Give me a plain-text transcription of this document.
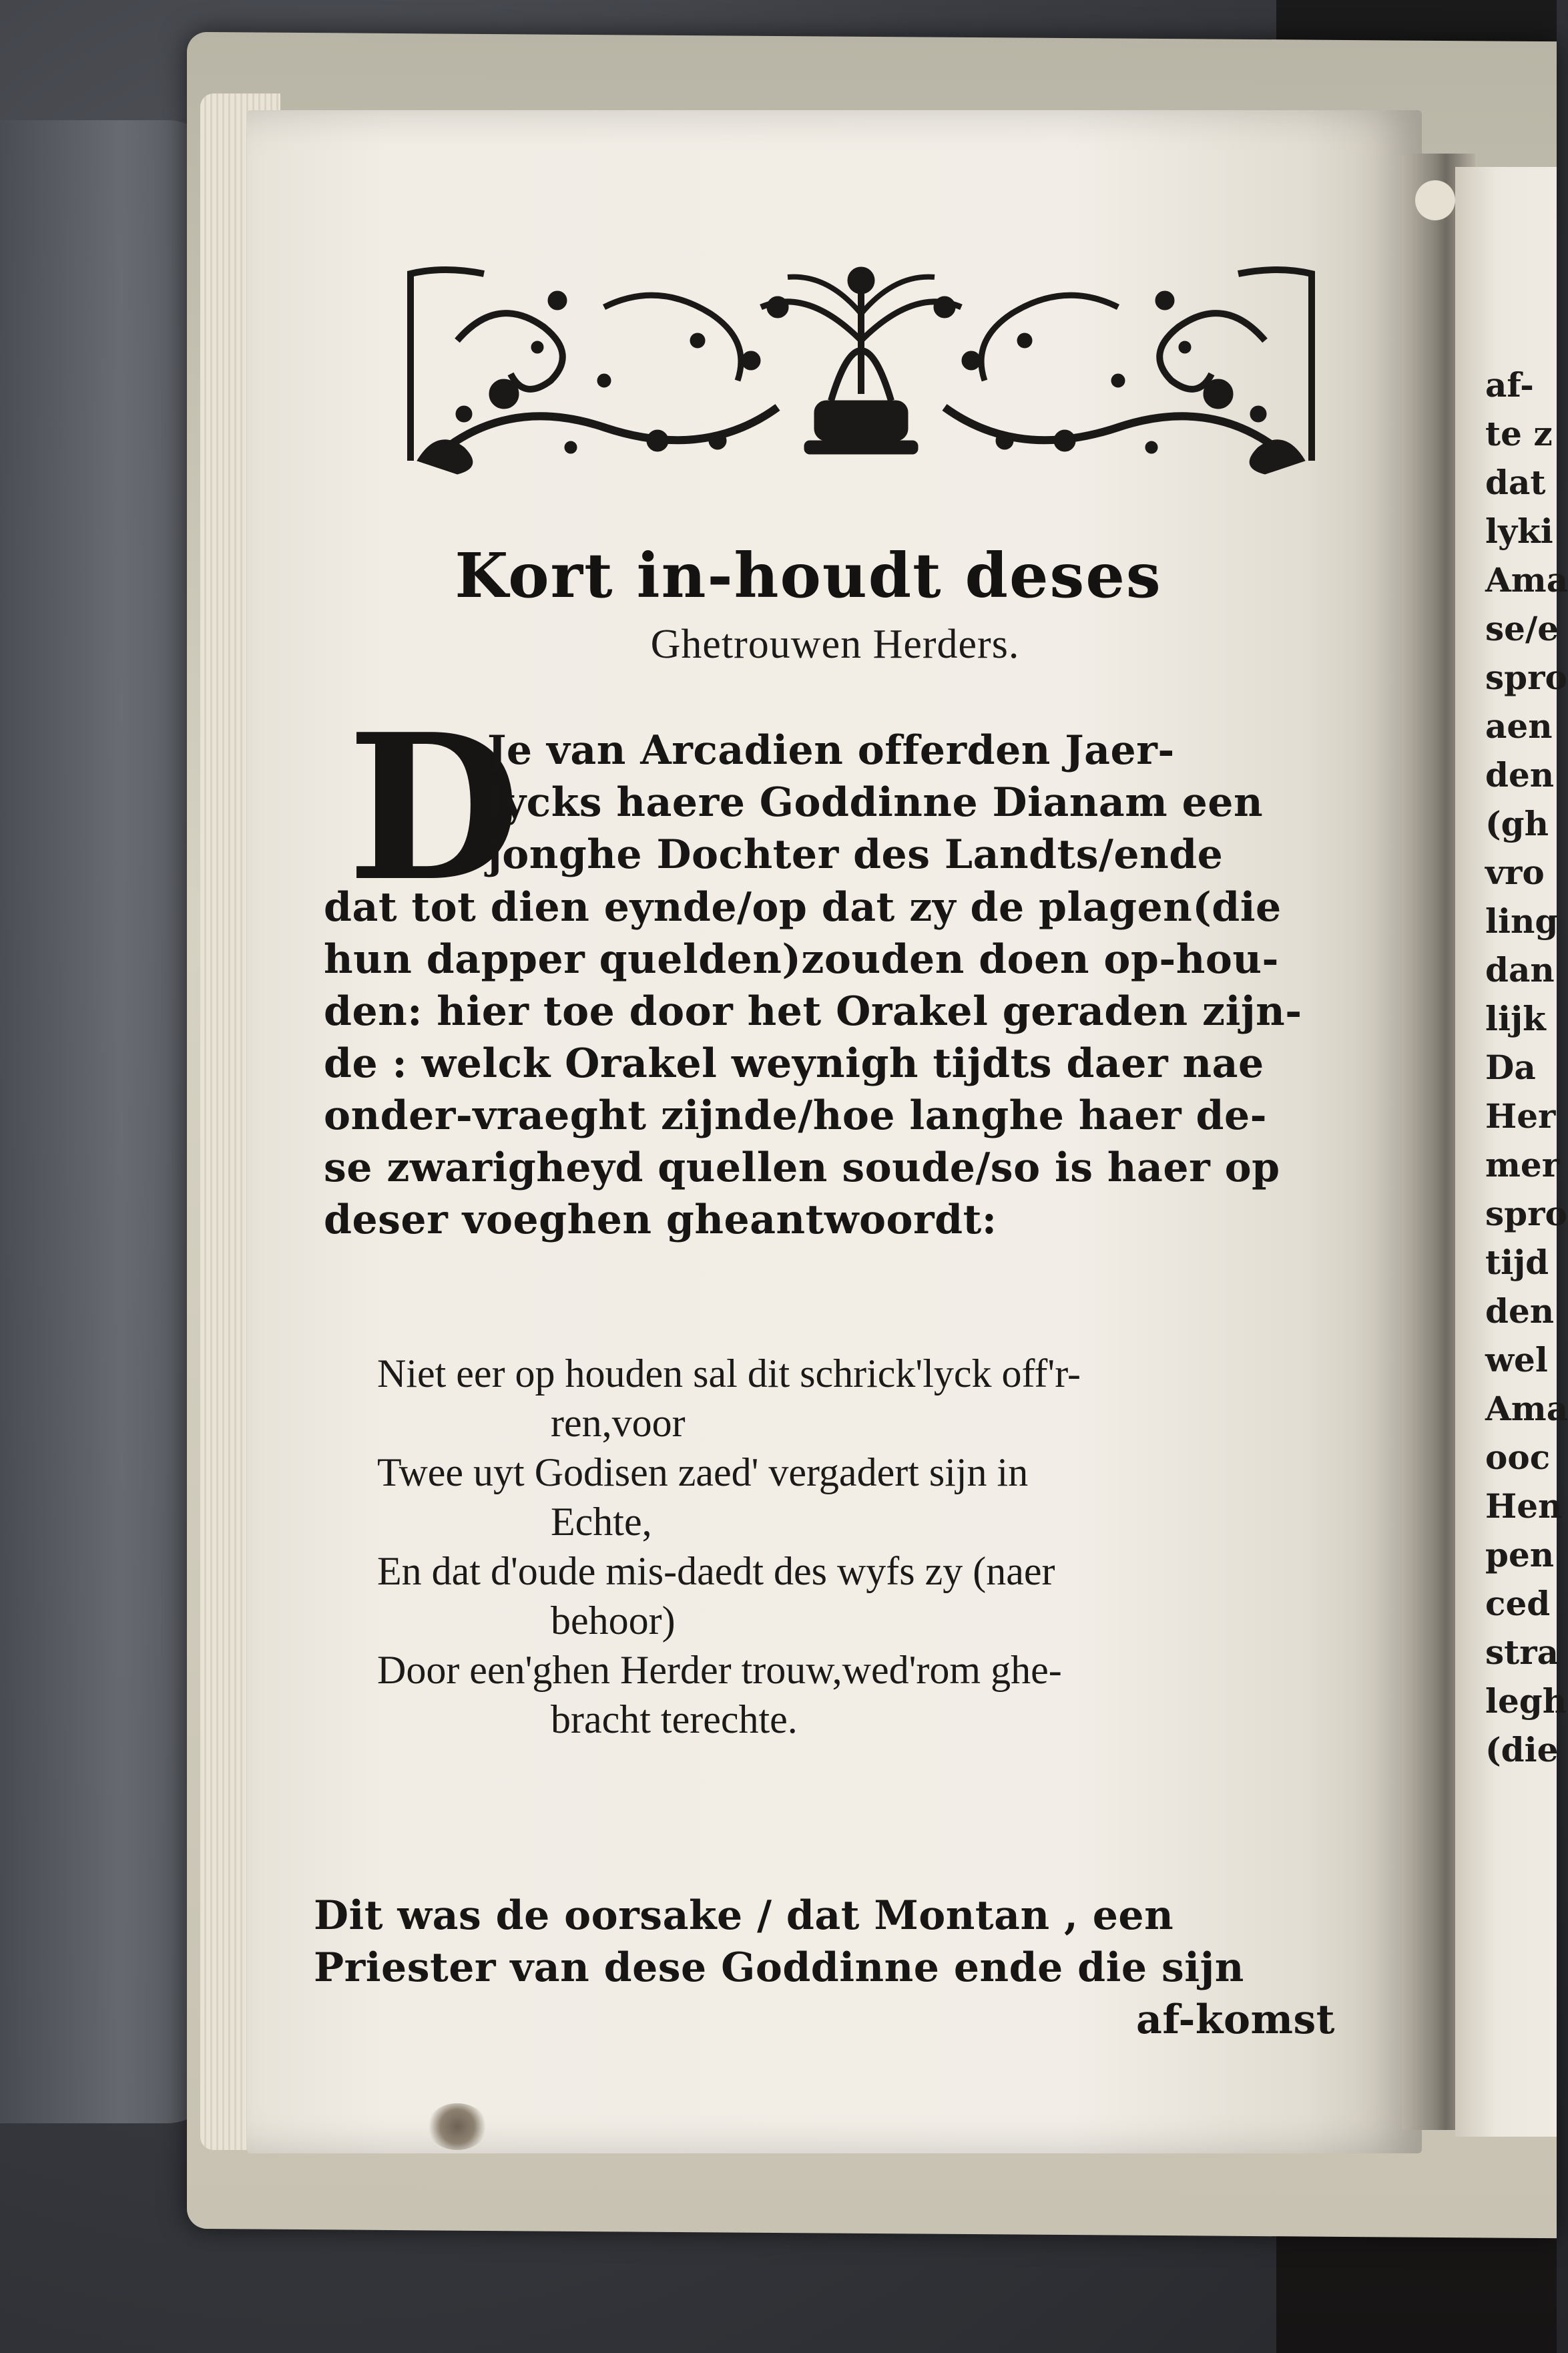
Kort in-houdt deses
Ghetrouwen Herders.
D
Je van Arcadien offerden Jaer-
lycks haere Goddinne Dianam een
jonghe Dochter des Landts/ende
dat tot dien eynde/op dat zy de plagen(die
hun dapper quelden)zouden doen op-hou-
den: hier toe door het Orakel geraden zijn-
de : welck Orakel weynigh tijdts daer nae
onder-vraeght zijnde/hoe langhe haer de-
se zwarigheyd quellen soude/so is haer op
deser voeghen gheantwoordt:
Niet eer op houden sal dit schrick'lyck off'r-
ren,voor
Twee uyt Godisen zaed' vergadert sijn in
Echte,
En dat d'oude mis-daedt des wyfs zy (naer
behoor)
Door een'ghen Herder trouw,wed'rom ghe-
bracht terechte.
Dit was de oorsake / dat Montan , een
Priester van dese Goddinne ende die sijn
af-komst
af-
te z
dat
lyki
Ama
se/e
spro
aen
den
(gh
vro
ling
dan
lijk
Da
Her
mer
spro
tijd
den
wel
Ama
ooc
Hen
pen
ced
stra
legh
(die
